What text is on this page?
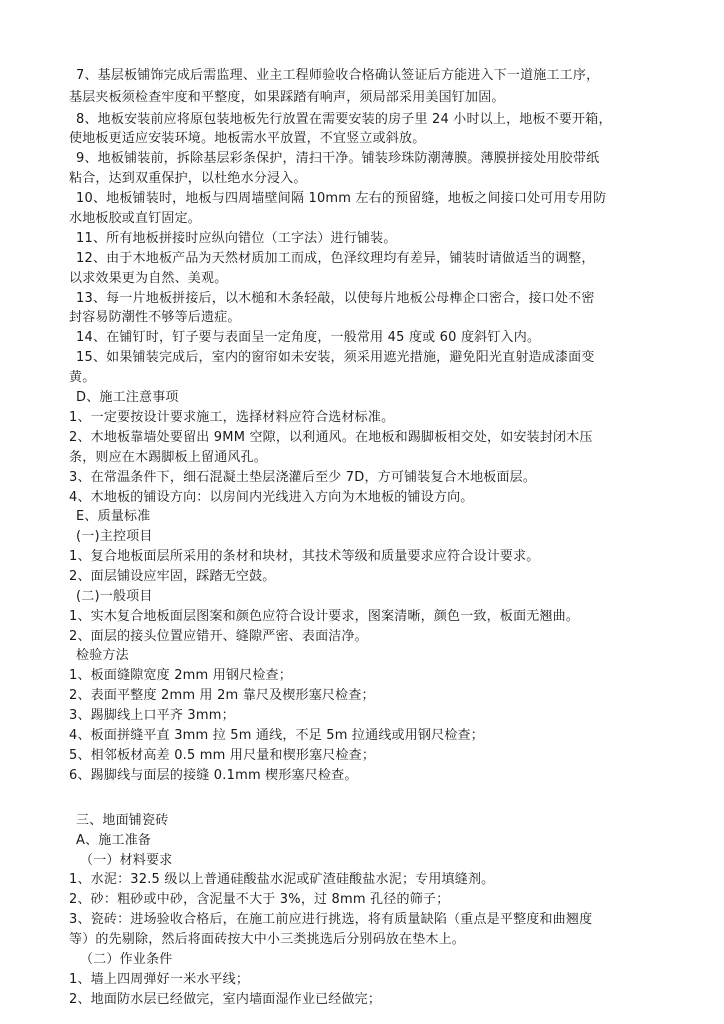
7、基层板铺饰完成后需监理、业主工程师验收合格确认签证后方能进入下一道施工工序，
基层夹板须检查牢度和平整度，如果踩踏有响声，须局部采用美国钉加固。
8、地板安装前应将原包装地板先行放置在需要安装的房子里 24 小时以上，地板不要开箱，
使地板更适应安装环境。地板需水平放置，不宜竖立或斜放。
9、地板铺装前，拆除基层彩条保护，清扫干净。铺装珍珠防潮薄膜。薄膜拼接处用胶带纸
粘合，达到双重保护，以杜绝水分浸入。
10、地板铺装时，地板与四周墙壁间隔 10mm 左右的预留缝，地板之间接口处可用专用防
水地板胶或直钉固定。
11、所有地板拼接时应纵向错位（工字法）进行铺装。
12、由于木地板产品为天然材质加工而成，色泽纹理均有差异，铺装时请做适当的调整，
以求效果更为自然、美观。
13、每一片地板拼接后，以木槌和木条轻敲，以使每片地板公母榫企口密合，接口处不密
封容易防潮性不够等后遗症。
14、在铺钉时，钉子要与表面呈一定角度，一般常用 45 度或 60 度斜钉入内。
15、如果铺装完成后，室内的窗帘如未安装，须采用遮光措施，避免阳光直射造成漆面变
黄。
D、施工注意事项
1、一定要按设计要求施工，选择材料应符合选材标准。
2、木地板靠墙处要留出 9MM 空隙，以利通风。在地板和踢脚板相交处，如安装封闭木压
条，则应在木踢脚板上留通风孔。
3、在常温条件下，细石混凝土垫层浇灌后至少 7D，方可铺装复合木地板面层。
4、木地板的铺设方向：以房间内光线进入方向为木地板的铺设方向。
E、质量标准
(一)主控项目
1、复合地板面层所采用的条材和块材，其技术等级和质量要求应符合设计要求。
2、面层铺设应牢固，踩踏无空鼓。
(二)一般项目
1、实木复合地板面层图案和颜色应符合设计要求，图案清晰，颜色一致，板面无翘曲。
2、面层的接头位置应错开、缝隙严密、表面洁净。
检验方法
1、板面缝隙宽度 2mm 用钢尺检查；
2、表面平整度 2mm 用 2m 靠尺及楔形塞尺检查；
3、踢脚线上口平齐 3mm；
4、板面拼缝平直 3mm 拉 5m 通线，不足 5m 拉通线或用钢尺检查；
5、相邻板材高差 0.5 mm 用尺量和楔形塞尺检查；
6、踢脚线与面层的接缝 0.1mm 楔形塞尺检查。
三、地面铺瓷砖
A、施工准备
（一）材料要求
1、水泥：32.5 级以上普通硅酸盐水泥或矿渣硅酸盐水泥；专用填缝剂。
2、砂：粗砂或中砂，含泥量不大于 3%，过 8mm 孔径的筛子；
3、瓷砖：进场验收合格后，在施工前应进行挑选，将有质量缺陷（重点是平整度和曲翘度
等）的先剔除，然后将面砖按大中小三类挑选后分别码放在垫木上。
（二）作业条件
1、墙上四周弹好一米水平线；
2、地面防水层已经做完，室内墙面湿作业已经做完；
